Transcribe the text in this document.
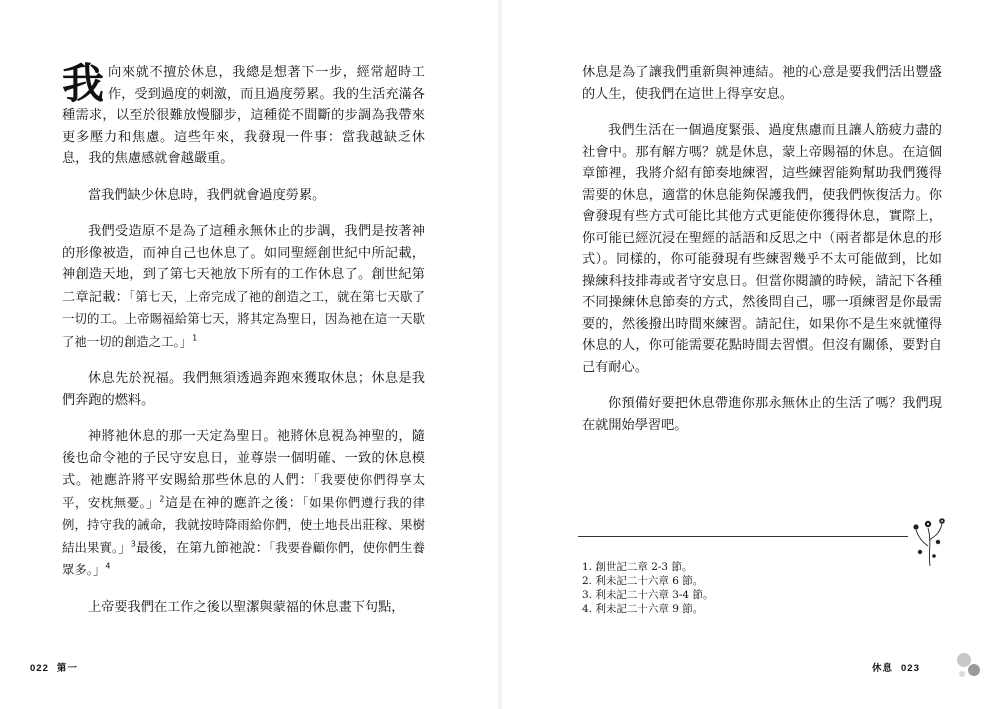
我向來就不擅於休息，我總是想著下一步，經常超時工作，受到過度的刺激，而且過度勞累。我的生活充滿各種需求，以至於很難放慢腳步，這種從不間斷的步調為我帶來更多壓力和焦慮。這些年來，我發現一件事：當我越缺乏休息，我的焦慮感就會越嚴重。

當我們缺少休息時，我們就會過度勞累。

我們受造原不是為了這種永無休止的步調，我們是按著神的形像被造，而神自己也休息了。如同聖經創世紀中所記載，神創造天地，到了第七天祂放下所有的工作休息了。創世紀第二章記載：「第七天，上帝完成了祂的創造之工，就在第七天歇了一切的工。上帝賜福給第七天，將其定為聖日，因為祂在這一天歇了祂一切的創造之工。」$^1$

休息先於祝福。我們無須透過奔跑來獲取休息；休息是我們奔跑的燃料。

神將祂休息的那一天定為聖日。祂將休息視為神聖的，隨後也命令祂的子民守安息日，並尊崇一個明確、一致的休息模式。祂應許將平安賜給那些休息的人們：「我要使你們得享太平，安枕無憂。」$^2$這是在神的應許之後：「如果你們遵行我的律例，持守我的誡命，我就按時降雨給你們，使土地長出莊稼、果樹結出果實。」$^3$最後，在第九節祂說：「我要眷顧你們，使你們生養眾多。」$^4$

上帝要我們在工作之後以聖潔與蒙福的休息畫下句點，

022 第一

休息是為了讓我們重新與神連結。祂的心意是要我們活出豐盛的人生，使我們在這世上得享安息。

我們生活在一個過度緊張、過度焦慮而且讓人筋疲力盡的社會中。那有解方嗎？就是休息，蒙上帝賜福的休息。在這個章節裡，我將介紹有節奏地練習，這些練習能夠幫助我們獲得需要的休息，適當的休息能夠保護我們，使我們恢復活力。你會發現有些方式可能比其他方式更能使你獲得休息，實際上，你可能已經沉浸在聖經的話語和反思之中（兩者都是休息的形式）。同樣的，你可能發現有些練習幾乎不太可能做到，比如操練科技排毒或者守安息日。但當你閱讀的時候，請記下各種不同操練休息節奏的方式，然後問自己，哪一項練習是你最需要的，然後撥出時間來練習。請記住，如果你不是生來就懂得休息的人，你可能需要花點時間去習慣。但沒有關係，要對自己有耐心。

你預備好要把休息帶進你那永無休止的生活了嗎？我們現在就開始學習吧。

1. 創世記二章 2-3 節。
2. 利未記二十六章 6 節。
3. 利未記二十六章 3-4 節。
4. 利未記二十六章 9 節。
休息 023
